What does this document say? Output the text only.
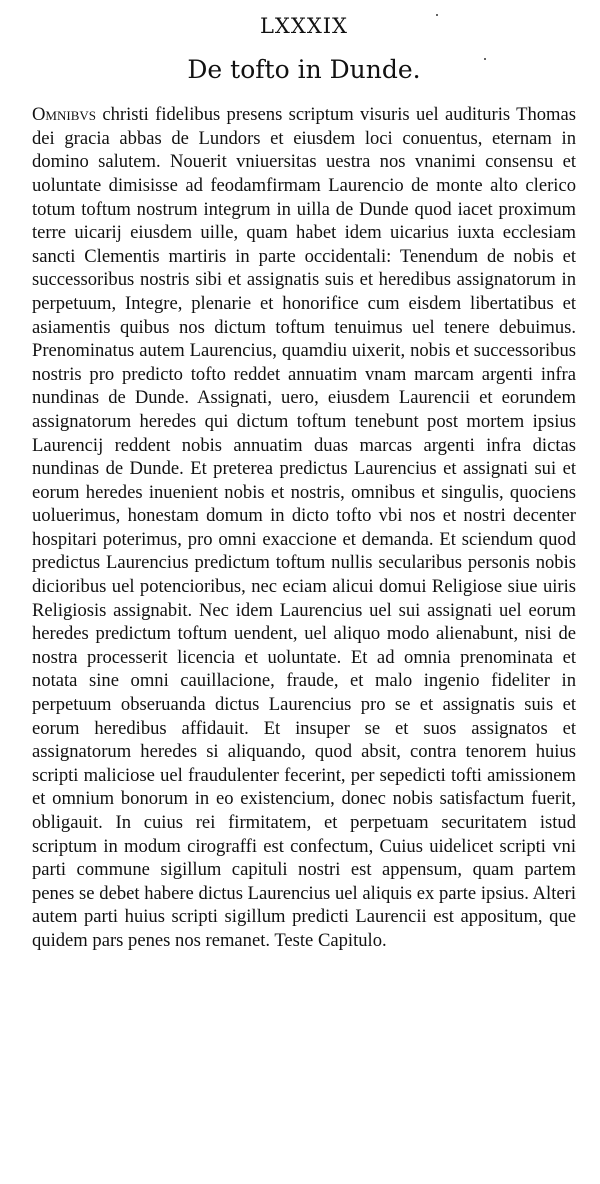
LXXXIX
De tofto in Dunde.

Omnibvs christi fidelibus presens scriptum visuris uel audituris Thomas dei gracia abbas de Lundors et eiusdem loci conuentus, eternam in domino salutem. Nouerit vniuersitas uestra nos vnanimi consensu et uoluntate dimisisse ad feodamfirmam Laurencio de monte alto clerico totum toftum nostrum integrum in uilla de Dunde quod iacet proximum terre uicarij eiusdem uille, quam habet idem uicarius iuxta ecclesiam sancti Clementis martiris in parte occidentali: Tenendum de nobis et successoribus nostris sibi et assignatis suis et heredibus assignatorum in perpetuum, Integre, plenarie et honorifice cum eisdem libertatibus et asiamentis quibus nos dictum toftum tenuimus uel tenere debuimus. Prenominatus autem Laurencius, quamdiu uixerit, nobis et successoribus nostris pro predicto tofto reddet annuatim vnam marcam argenti infra nundinas de Dunde. Assignati, uero, eiusdem Laurencii et eorundem assignatorum heredes qui dictum toftum tenebunt post mortem ipsius Laurencij reddent nobis annuatim duas marcas argenti infra dictas nundinas de Dunde. Et preterea predictus Laurencius et assignati sui et eorum heredes inuenient nobis et nostris, omnibus et singulis, quociens uoluerimus, honestam domum in dicto tofto vbi nos et nostri decenter hospitari poterimus, pro omni exaccione et demanda. Et sciendum quod predictus Laurencius predictum toftum nullis secularibus personis nobis dicioribus uel potencioribus, nec eciam alicui domui Religiose siue uiris Religiosis assignabit. Nec idem Laurencius uel sui assignati uel eorum heredes predictum toftum uendent, uel aliquo modo alienabunt, nisi de nostra processerit licencia et uoluntate. Et ad omnia prenominata et notata sine omni cauillacione, fraude, et malo ingenio fideliter in perpetuum obseruanda dictus Laurencius pro se et assignatis suis et eorum heredibus affidauit. Et insuper se et suos assignatos et assignatorum heredes si aliquando, quod absit, contra tenorem huius scripti maliciose uel fraudulenter fecerint, per sepedicti tofti amissionem et omnium bonorum in eo existencium, donec nobis satisfactum fuerit, obligauit. In cuius rei firmitatem, et perpetuam securitatem istud scriptum in modum cirograffi est confectum, Cuius uidelicet scripti vni parti commune sigillum capituli nostri est appensum, quam partem penes se debet habere dictus Laurencius uel aliquis ex parte ipsius. Alteri autem parti huius scripti sigillum predicti Laurencii est appositum, que quidem pars penes nos remanet. Teste Capitulo.
